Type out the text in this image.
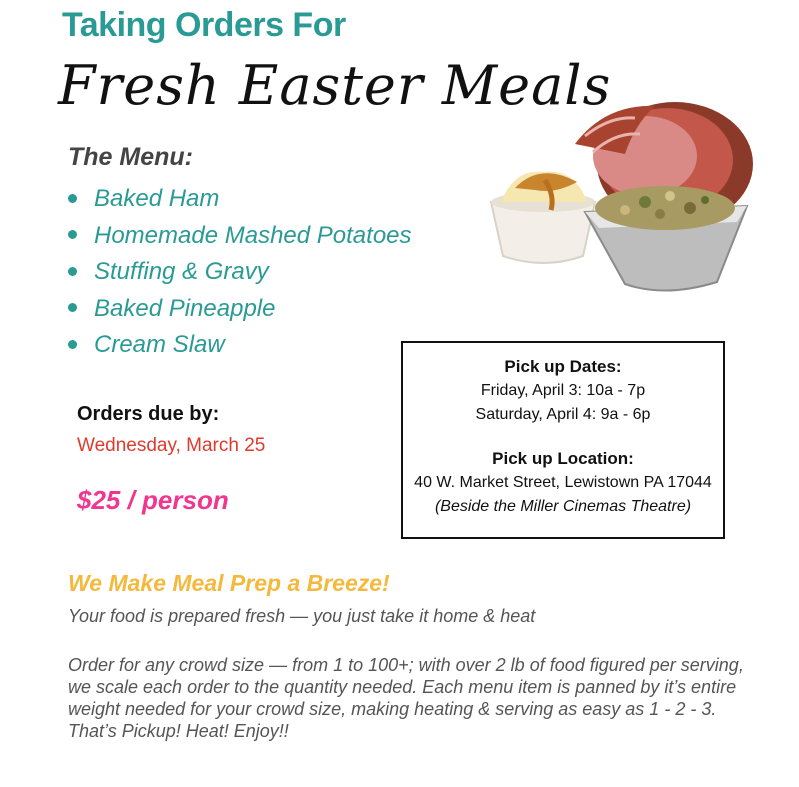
Taking Orders For
Fresh Easter Meals
The Menu:
Baked Ham
Homemade Mashed Potatoes
Stuffing & Gravy
Baked Pineapple
Cream Slaw
Orders due by:
Wednesday, March 25
$25 / person
Pick up Dates:
Friday, April 3: 10a - 7p
Saturday, April 4: 9a - 6p
Pick up Location:
40 W. Market Street, Lewistown PA 17044
(Beside the Miller Cinemas Theatre)
We Make Meal Prep a Breeze!
Your food is prepared fresh — you just take it home & heat
Order for any crowd size — from 1 to 100+; with over 2 lb of food figured per serving, we scale each order to the quantity needed. Each menu item is panned by it’s entire weight needed for your crowd size, making heating & serving as easy as 1 - 2 - 3. That’s Pickup! Heat! Enjoy!!
